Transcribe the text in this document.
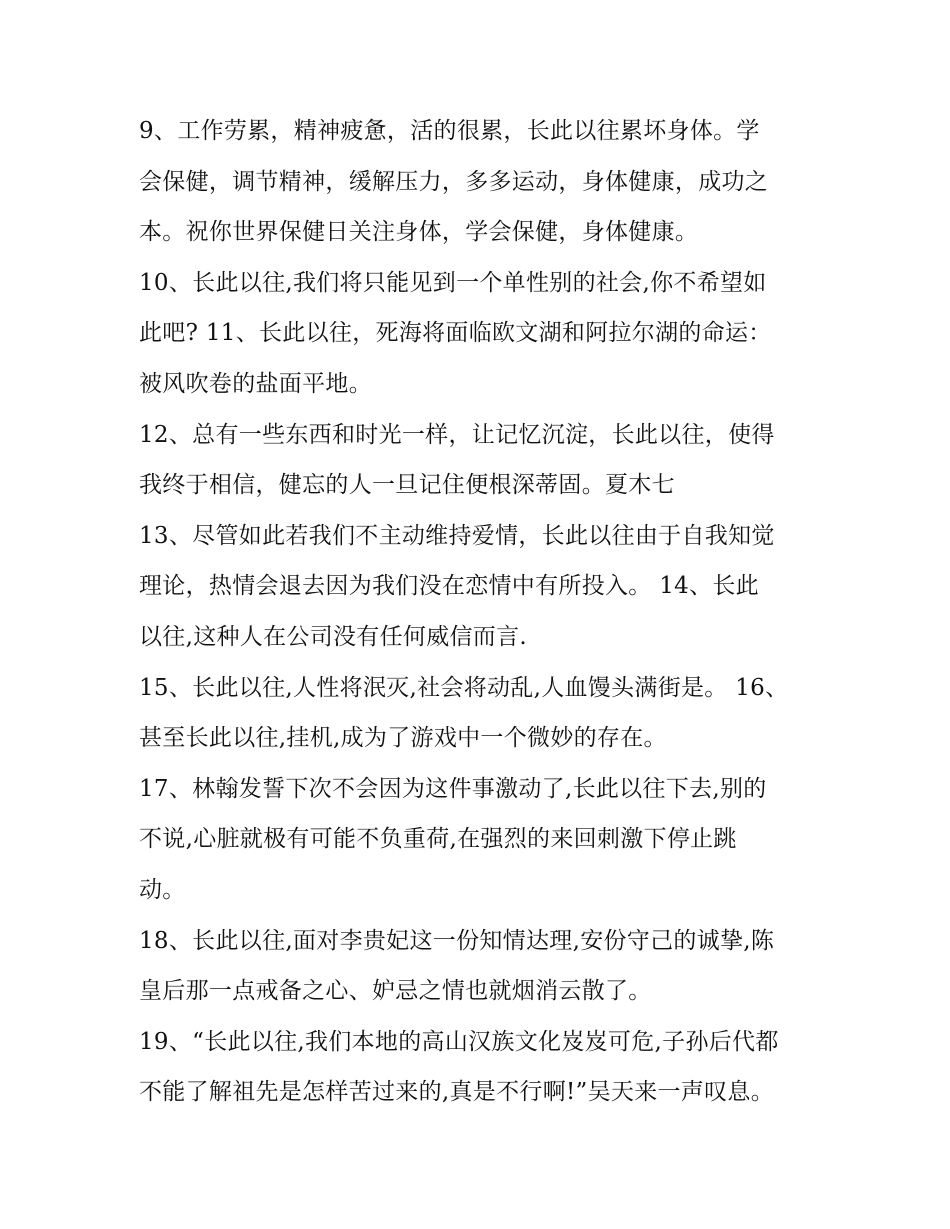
9、工作劳累，精神疲惫，活的很累，长此以往累坏身体。学
会保健，调节精神，缓解压力，多多运动，身体健康，成功之
本。祝你世界保健日关注身体，学会保健，身体健康。
10、长此以往,我们将只能见到一个单性别的社会,你不希望如
此吧? 11、长此以往，死海将面临欧文湖和阿拉尔湖的命运：
被风吹卷的盐面平地。
12、总有一些东西和时光一样，让记忆沉淀，长此以往，使得
我终于相信，健忘的人一旦记住便根深蒂固。夏木七
13、尽管如此若我们不主动维持爱情，长此以往由于自我知觉
理论，热情会退去因为我们没在恋情中有所投入。 14、长此
以往,这种人在公司没有任何威信而言.
15、长此以往,人性将泯灭,社会将动乱,人血馒头满街是。 16、
甚至长此以往,挂机,成为了游戏中一个微妙的存在。
17、林翰发誓下次不会因为这件事激动了,长此以往下去,别的
不说,心脏就极有可能不负重荷,在强烈的来回刺激下停止跳
动。
18、长此以往,面对李贵妃这一份知情达理,安份守己的诚挚,陈
皇后那一点戒备之心、妒忌之情也就烟消云散了。
19、“长此以往,我们本地的高山汉族文化岌岌可危,子孙后代都
不能了解祖先是怎样苦过来的,真是不行啊!”吴天来一声叹息。
